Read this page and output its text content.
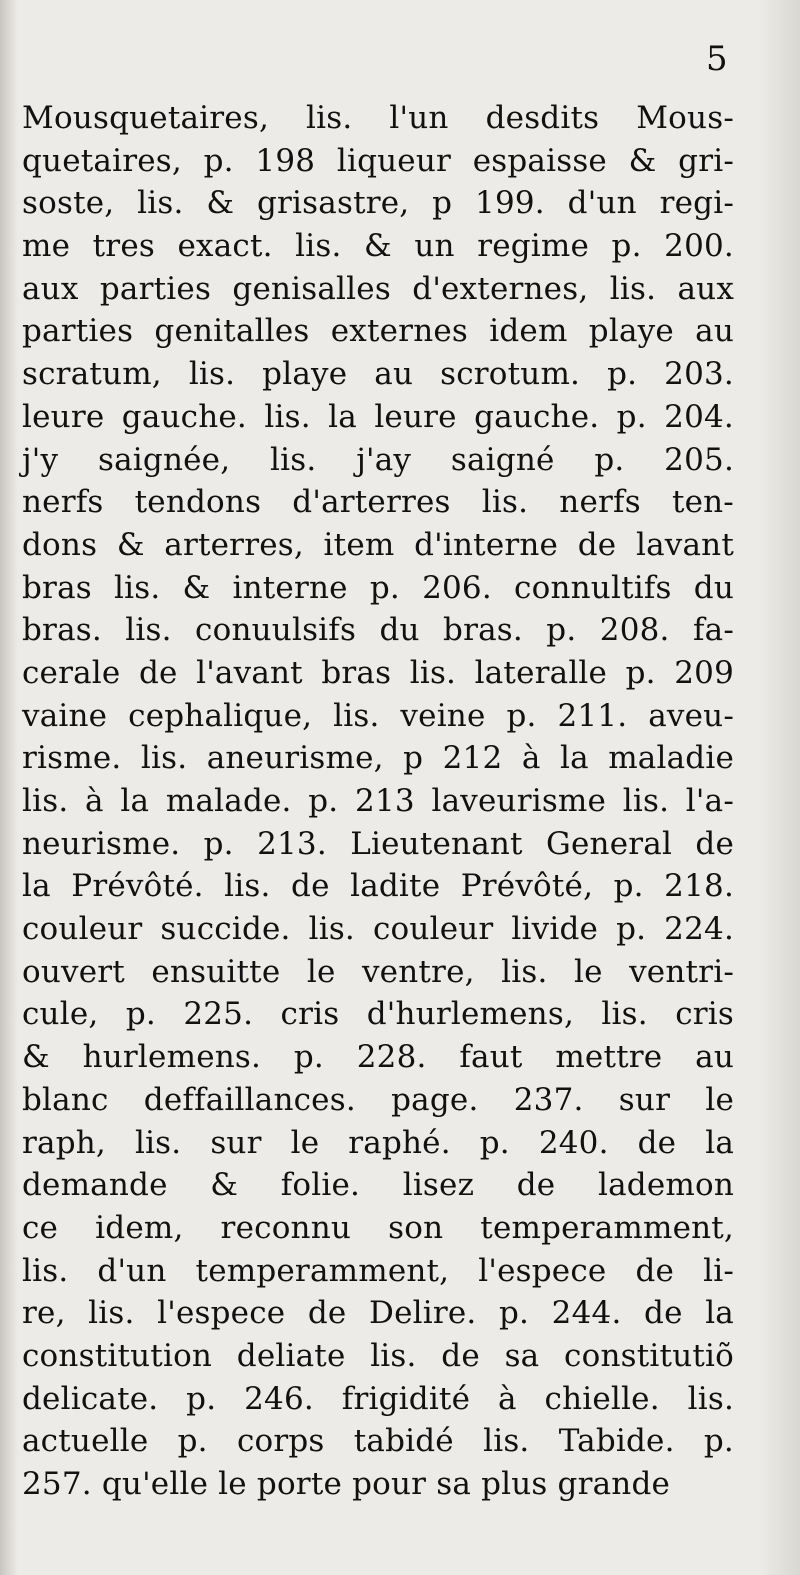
5
Mousquetaires, lis. l'un desdits Mous-
quetaires, p. 198 liqueur espaisse & gri-
soste, lis. & grisastre, p 199. d'un regi-
me tres exact. lis. & un regime p. 200.
aux parties genisalles d'externes, lis. aux
parties genitalles externes idem playe au
scratum, lis. playe au scrotum. p. 203.
leure gauche. lis. la leure gauche. p. 204.
j'y saignée, lis. j'ay saigné p. 205.
nerfs tendons d'arterres lis. nerfs ten-
dons & arterres, item d'interne de lavant
bras lis. & interne p. 206. connultifs du
bras. lis. conuulsifs du bras. p. 208. fa-
cerale de l'avant bras lis. lateralle p. 209
vaine cephalique, lis. veine p. 211. aveu-
risme. lis. aneurisme, p 212 à la maladie
lis. à la malade. p. 213 laveurisme lis. l'a-
neurisme. p. 213. Lieutenant General de
la Prévôté. lis. de ladite Prévôté, p. 218.
couleur succide. lis. couleur livide p. 224.
ouvert ensuitte le ventre, lis. le ventri-
cule, p. 225. cris d'hurlemens, lis. cris
& hurlemens. p. 228. faut mettre au
blanc deffaillances. page. 237. sur le
raph, lis. sur le raphé. p. 240. de la
demande & folie. lisez de lademon
ce idem, reconnu son temperamment,
lis. d'un temperamment, l'espece de li-
re, lis. l'espece de Delire. p. 244. de la
constitution deliate lis. de sa constitutiõ
delicate. p. 246. frigidité à chielle. lis.
actuelle p. corps tabidé lis. Tabide. p.
257. qu'elle le porte pour sa plus grande
